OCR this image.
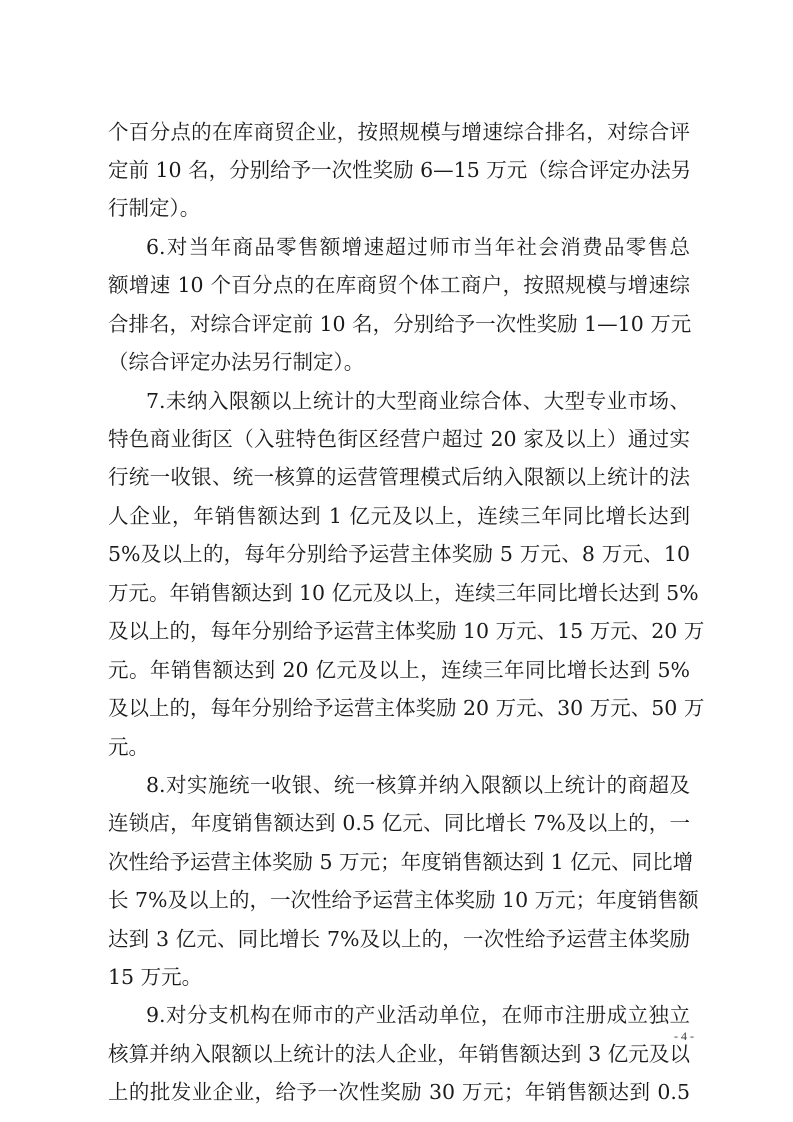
个百分点的在库商贸企业，按照规模与增速综合排名，对综合评

定前 10 名，分别给予一次性奖励 6—15 万元（综合评定办法另

行制定）。

6.对当年商品零售额增速超过师市当年社会消费品零售总

额增速 10 个百分点的在库商贸个体工商户，按照规模与增速综

合排名，对综合评定前 10 名，分别给予一次性奖励 1—10 万元

（综合评定办法另行制定）。

7.未纳入限额以上统计的大型商业综合体、大型专业市场、

特色商业街区（入驻特色街区经营户超过 20 家及以上）通过实

行统一收银、统一核算的运营管理模式后纳入限额以上统计的法

人企业，年销售额达到 1 亿元及以上，连续三年同比增长达到

5%及以上的，每年分别给予运营主体奖励 5 万元、8 万元、10

万元。年销售额达到 10 亿元及以上，连续三年同比增长达到 5%

及以上的，每年分别给予运营主体奖励 10 万元、15 万元、20 万

元。年销售额达到 20 亿元及以上，连续三年同比增长达到 5%

及以上的，每年分别给予运营主体奖励 20 万元、30 万元、50 万

元。

8.对实施统一收银、统一核算并纳入限额以上统计的商超及

连锁店，年度销售额达到 0.5 亿元、同比增长 7%及以上的，一

次性给予运营主体奖励 5 万元；年度销售额达到 1 亿元、同比增

长 7%及以上的，一次性给予运营主体奖励 10 万元；年度销售额

达到 3 亿元、同比增长 7%及以上的，一次性给予运营主体奖励

15 万元。

9.对分支机构在师市的产业活动单位，在师市注册成立独立

核算并纳入限额以上统计的法人企业，年销售额达到 3 亿元及以

上的批发业企业，给予一次性奖励 30 万元；年销售额达到 0.5

- 4 -
